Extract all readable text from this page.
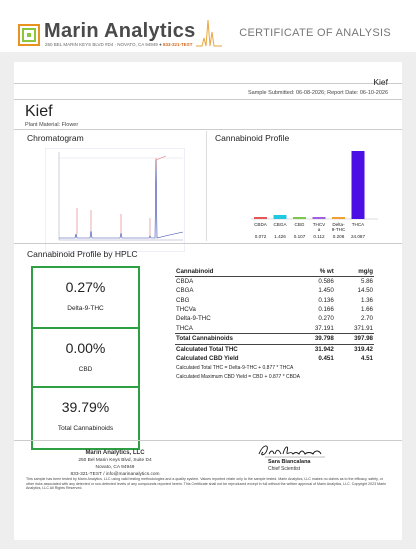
Marin Analytics
250 BEL MARIN KEYS BLVD #D4 · NOVATO, CA 94949 ● 833-321-TEST
CERTIFICATE OF ANALYSIS
Kief
Sample Submitted: 06-08-2026; Report Date: 06-10-2026
Kief
Plant Material: Flower
Chromatogram	Cannabinoid Profile
CBDA
0.072
CBGA
1.426
CBG
0.107
THCV
a
0.112
Delta-
9-THC
0.208
THCA
24.087
Cannabinoid Profile by HPLC
0.27%
Delta-9-THC
0.00%
CBD
39.79%
Total Cannabinoids
Cannabinoid	% wt	mg/g
CBDA	0.586	5.86
CBGA	1.450	14.50
CBG	0.136	1.36
THCVa	0.166	1.66
Delta-9-THC	0.270	2.70
THCA	37.191	371.91
Total Cannabinoids	39.798	397.98
Calculated Total THC	31.942	319.42
Calculated CBD Yield	0.451	4.51
Calculated Total THC = Delta-9-THC + 0.877 * THCA		
Calculated Maximum CBD Yield = CBD + 0.877 * CBDA		
Marin Analytics, LLC
250 Bel Marin Keys Blvd, Suite D4
Novato, CA 94949
833-321-TEST / info@marinanalytics.com
Sara Biancalana
Chief Scientist
This sample has been tested by Marin Analytics, LLC using valid testing methodologies and a quality system. Values reported relate only to the sample tested. Marin Analytics, LLC makes no claims as to the efficacy, safety, or other risks associated with any detected or non-detected levels of any compounds reported herein. This Certificate shall not be reproduced except in full without the written approval of Marin Analytics, LLC. Copyright 2023 Marin Analytics, LLC All Rights Reserved.
